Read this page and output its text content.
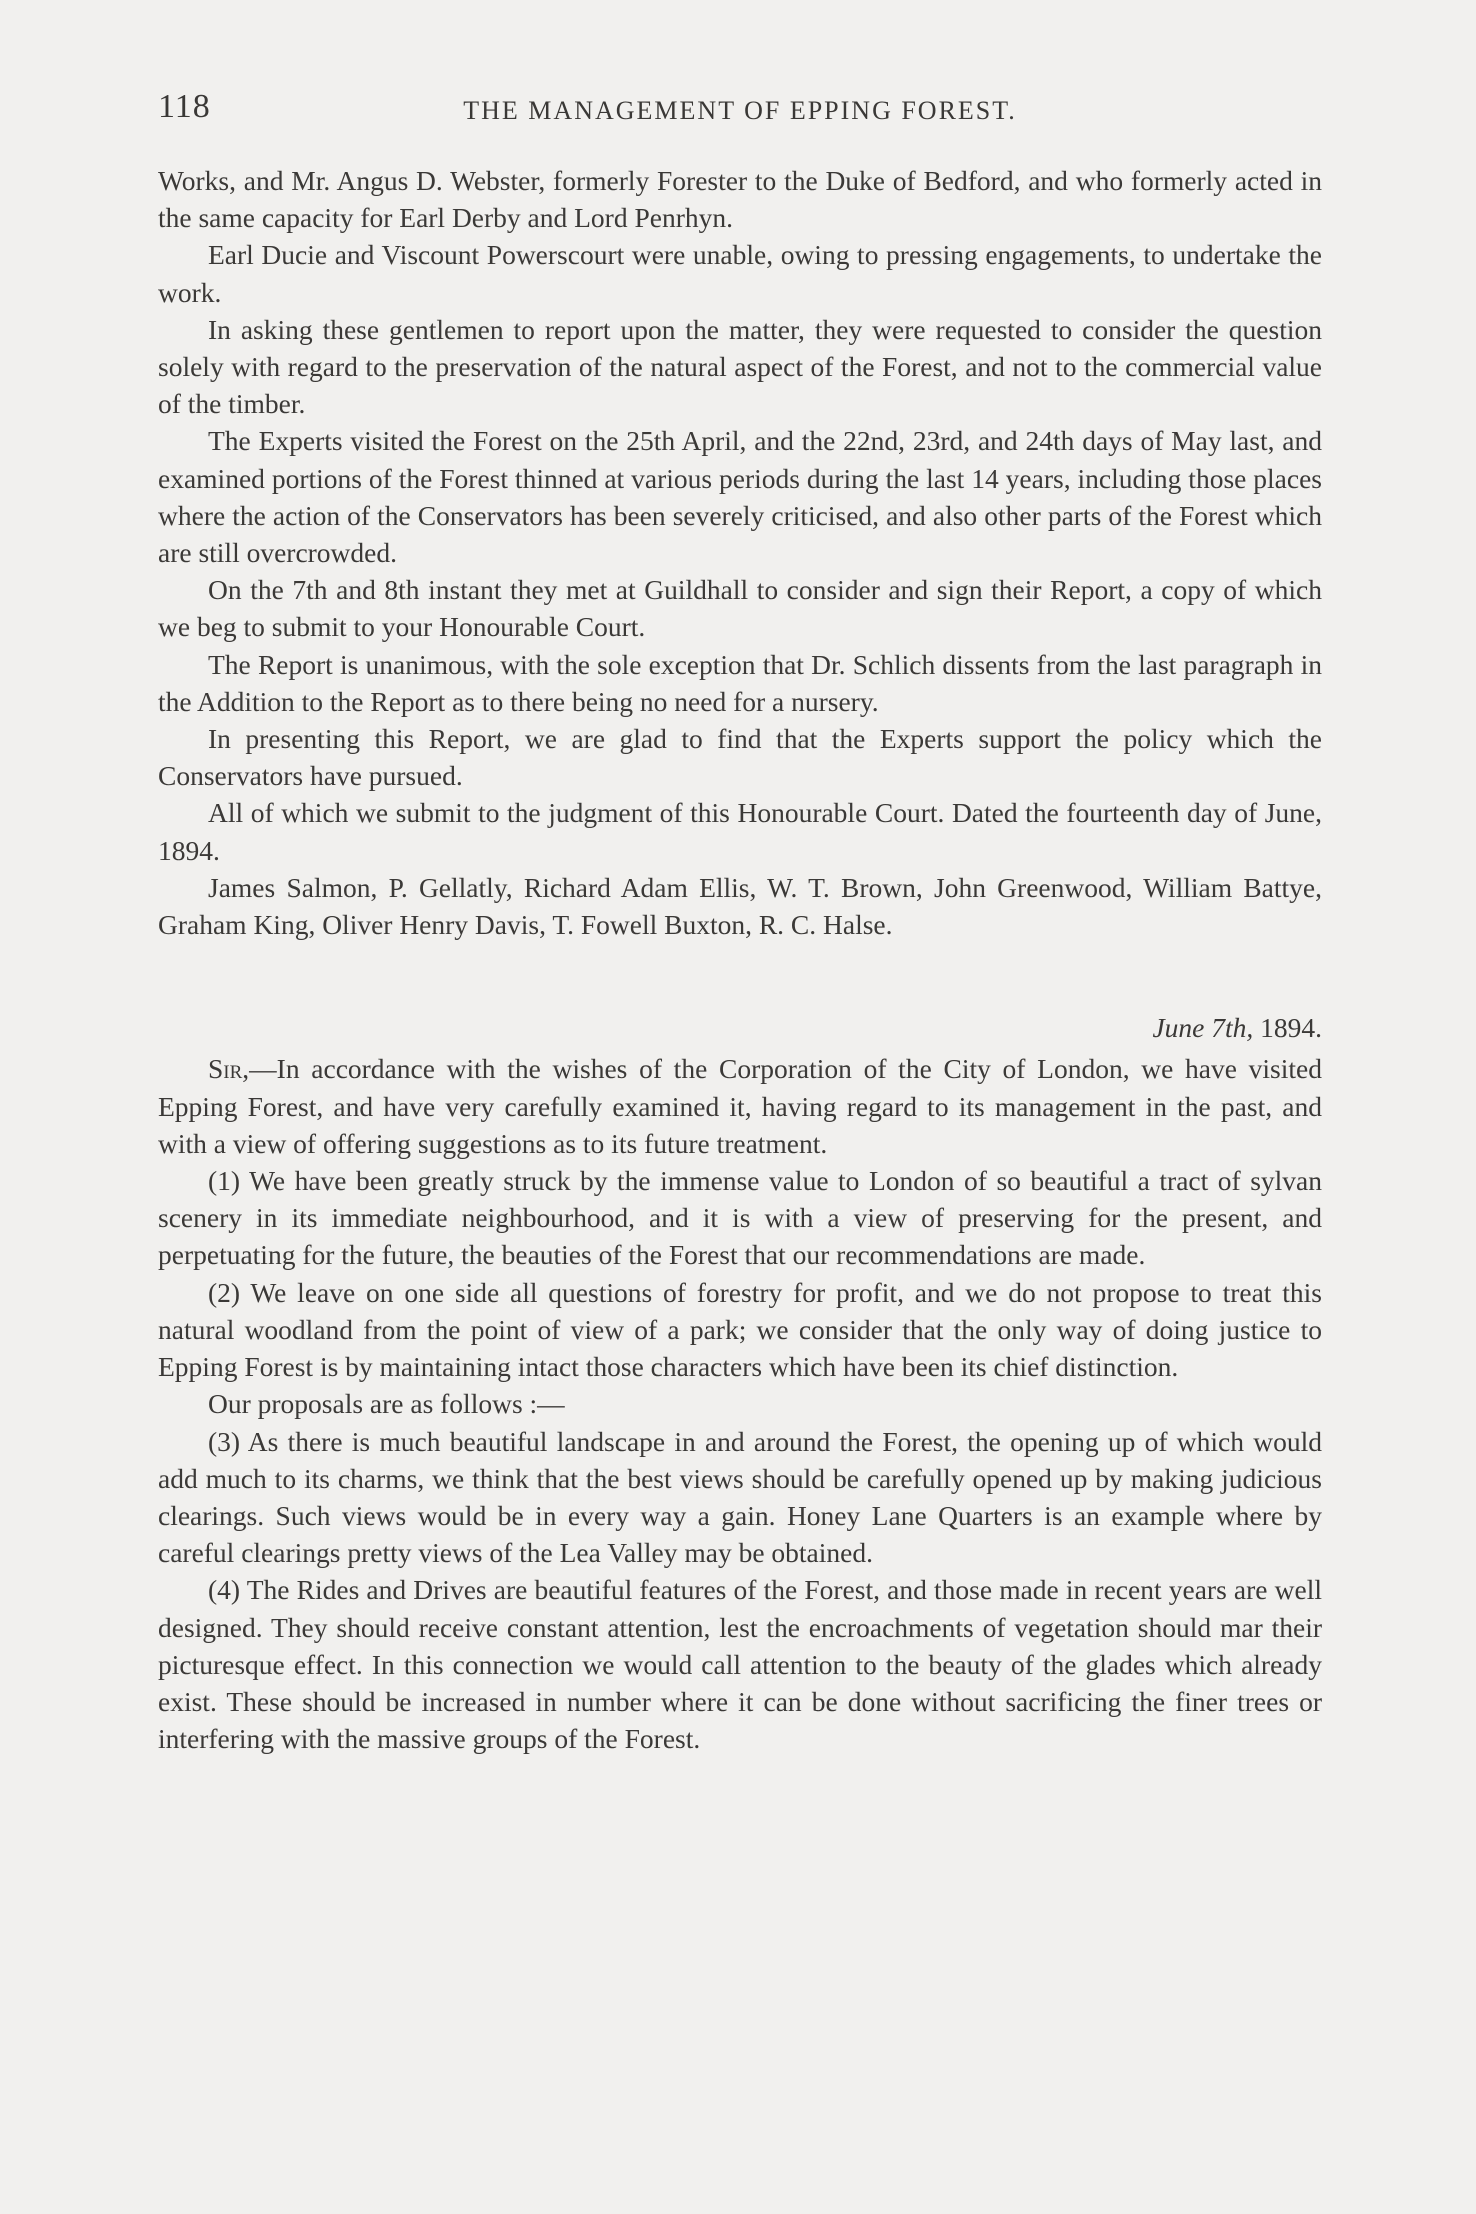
118	THE MANAGEMENT OF EPPING FOREST.

Works, and Mr. Angus D. Webster, formerly Forester to the Duke of Bedford, and who formerly acted in the same capacity for Earl Derby and Lord Penrhyn.

Earl Ducie and Viscount Powerscourt were unable, owing to pressing engagements, to undertake the work.

In asking these gentlemen to report upon the matter, they were requested to consider the question solely with regard to the preservation of the natural aspect of the Forest, and not to the commercial value of the timber.

The Experts visited the Forest on the 25th April, and the 22nd, 23rd, and 24th days of May last, and examined portions of the Forest thinned at various periods during the last 14 years, including those places where the action of the Conservators has been severely criticised, and also other parts of the Forest which are still overcrowded.

On the 7th and 8th instant they met at Guildhall to consider and sign their Report, a copy of which we beg to submit to your Honourable Court.

The Report is unanimous, with the sole exception that Dr. Schlich dissents from the last paragraph in the Addition to the Report as to there being no need for a nursery.

In presenting this Report, we are glad to find that the Experts support the policy which the Conservators have pursued.

All of which we submit to the judgment of this Honourable Court. Dated the fourteenth day of June, 1894.

James Salmon, P. Gellatly, Richard Adam Ellis, W. T. Brown, John Greenwood, William Battye, Graham King, Oliver Henry Davis, T. Fowell Buxton, R. C. Halse.

June 7th, 1894.

Sir,—In accordance with the wishes of the Corporation of the City of London, we have visited Epping Forest, and have very carefully examined it, having regard to its management in the past, and with a view of offering suggestions as to its future treatment.

(1) We have been greatly struck by the immense value to London of so beautiful a tract of sylvan scenery in its immediate neighbourhood, and it is with a view of preserving for the present, and perpetuating for the future, the beauties of the Forest that our recommendations are made.

(2) We leave on one side all questions of forestry for profit, and we do not propose to treat this natural woodland from the point of view of a park; we consider that the only way of doing justice to Epping Forest is by maintaining intact those characters which have been its chief distinction.

Our proposals are as follows :—

(3) As there is much beautiful landscape in and around the Forest, the opening up of which would add much to its charms, we think that the best views should be carefully opened up by making judicious clearings. Such views would be in every way a gain. Honey Lane Quarters is an example where by careful clearings pretty views of the Lea Valley may be obtained.

(4) The Rides and Drives are beautiful features of the Forest, and those made in recent years are well designed. They should receive constant attention, lest the encroachments of vegetation should mar their picturesque effect. In this connection we would call attention to the beauty of the glades which already exist. These should be increased in number where it can be done without sacrificing the finer trees or interfering with the massive groups of the Forest.
